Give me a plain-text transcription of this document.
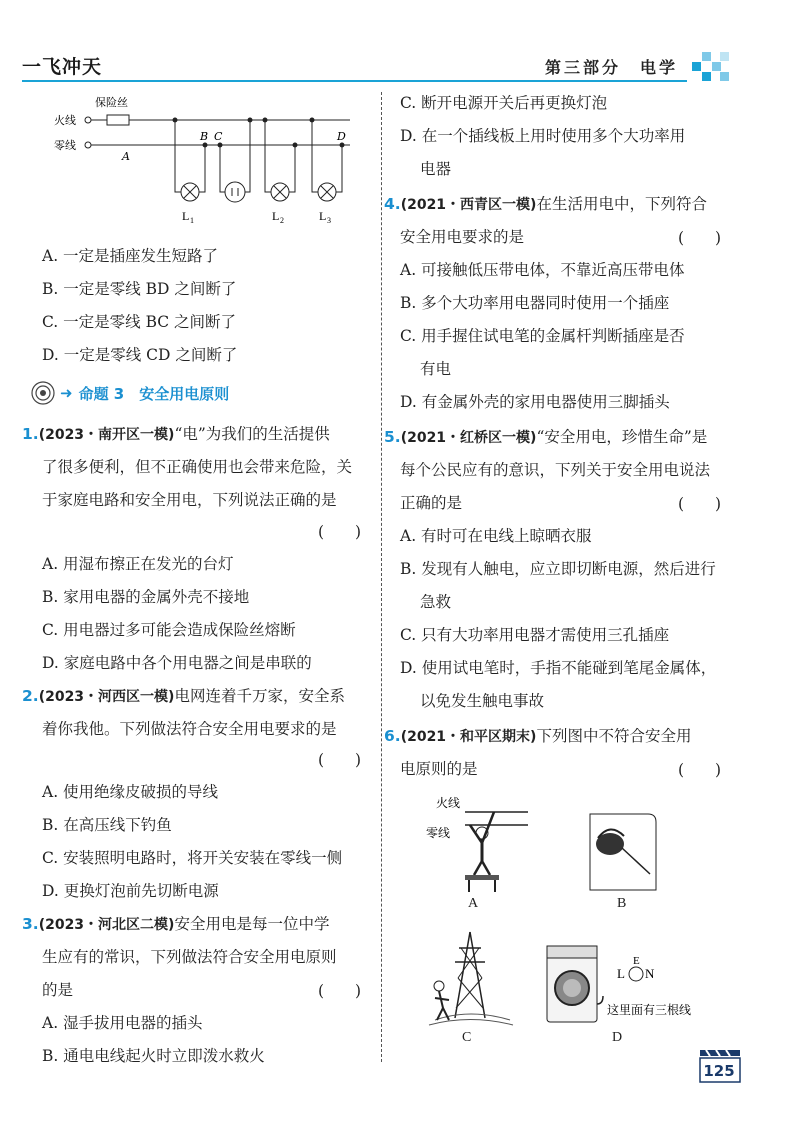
一飞冲天	第三部分　电学
保险丝
火线
零线
A
B C	D
L 1	L 2	L 3
A. 一定是插座发生短路了
B. 一定是零线 BD 之间断了
C. 一定是零线 BC 之间断了
D. 一定是零线 CD 之间断了
➜ 命题 3　安全用电原则
1.(2023・南开区一模)“电”为我们的生活提供
了很多便利，但不正确使用也会带来危险，关
于家庭电路和安全用电，下列说法正确的是
(　　)
A. 用湿布擦正在发光的台灯
B. 家用电器的金属外壳不接地
C. 用电器过多可能会造成保险丝熔断
D. 家庭电路中各个用电器之间是串联的
2.(2023・河西区一模)电网连着千万家，安全系
着你我他。下列做法符合安全用电要求的是
(　　)
A. 使用绝缘皮破损的导线
B. 在高压线下钓鱼
C. 安装照明电路时，将开关安装在零线一侧
D. 更换灯泡前先切断电源
3.(2023・河北区二模)安全用电是每一位中学
生应有的常识，下列做法符合安全用电原则
的是	(　　)
A. 湿手拔用电器的插头
B. 通电电线起火时立即泼水救火
C. 断开电源开关后再更换灯泡
D. 在一个插线板上用时使用多个大功率用
电器
4.(2021・西青区一模)在生活用电中，下列符合
安全用电要求的是	(　　)
A. 可接触低压带电体，不靠近高压带电体
B. 多个大功率用电器同时使用一个插座
C. 用手握住试电笔的金属杆判断插座是否
有电
D. 有金属外壳的家用电器使用三脚插头
5.(2021・红桥区一模)“安全用电，珍惜生命”是
每个公民应有的意识，下列关于安全用电说法
正确的是	(　　)
A. 有时可在电线上晾晒衣服
B. 发现有人触电，应立即切断电源，然后进行
急救
C. 只有大功率用电器才需使用三孔插座
D. 使用试电笔时，手指不能碰到笔尾金属体，
以免发生触电事故
6.(2021・和平区期末)下列图中不符合安全用
电原则的是	(　　)
火线
零线
A	B
C
L N
E
这里面有三根线
D
125
